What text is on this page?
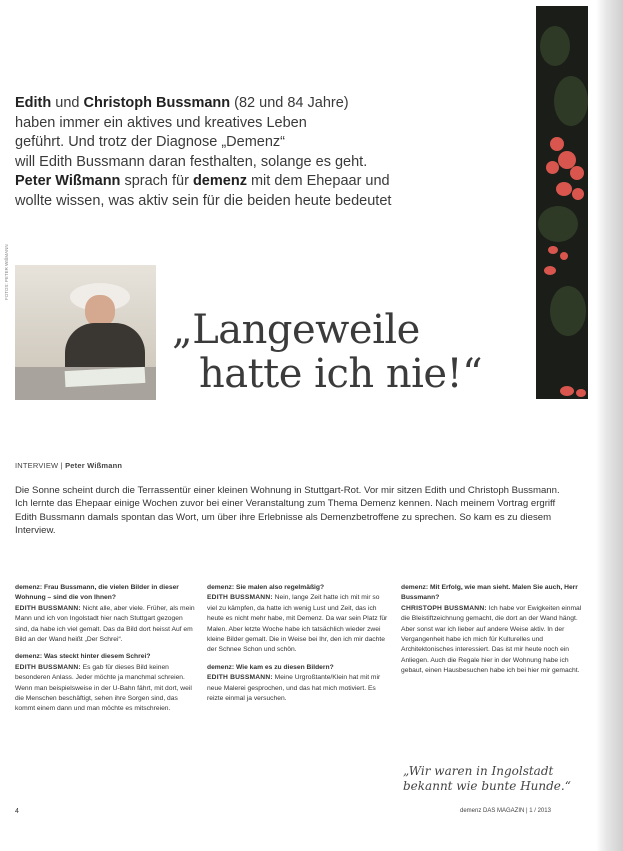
Edith und Christoph Bussmann (82 und 84 Jahre)

haben immer ein aktives und kreatives Leben

geführt. Und trotz der Diagnose „Demenz“

will Edith Bussmann daran festhalten, solange es geht.

Peter Wißmann sprach für demenz mit dem Ehepaar und

wollte wissen, was aktiv sein für die beiden heute bedeutet

FOTOS: PETER WIßMANN
„Langeweile
hatte ich nie!“
INTERVIEW | Peter Wißmann
Die Sonne scheint durch die Terrassentür einer kleinen Wohnung in Stuttgart-Rot. Vor mir sitzen Edith und Christoph Bussmann. Ich lernte das Ehepaar einige Wochen zuvor bei einer Veranstaltung zum Thema Demenz kennen. Nach meinem Vortrag ergriff Edith Bussmann damals spontan das Wort, um über ihre Erlebnisse als Demenzbetroffene zu sprechen. So kam es zu diesem Interview.

demenz: Frau Bussmann, die vielen Bilder in dieser Wohnung – sind die von Ihnen?
EDITH BUSSMANN: Nicht alle, aber viele. Früher, als mein Mann und ich von Ingolstadt hier nach Stuttgart gezogen sind, da habe ich viel gemalt. Das da Bild dort heisst Auf em Bild an der Wand heißt „Der Schrei“.

demenz: Was steckt hinter diesem Schrei?
EDITH BUSSMANN: Es gab für dieses Bild keinen besonderen Anlass. Jeder möchte ja manchmal schreien. Wenn man beispielsweise in der U-Bahn fährt, mit dort, weil die Menschen beschäftigt, sehen ihre Sorgen sind, das kommt einem dann und man möchte es mitschreien.

demenz: Sie malen also regelmäßig?
EDITH BUSSMANN: Nein, lange Zeit hatte ich mit mir so viel zu kämpfen, da hatte ich wenig Lust und Zeit, das ich heute es nicht mehr habe, mit Demenz. Da war sein Platz für Malen. Aber letzte Woche habe ich tatsächlich wieder zwei kleine Bilder gemalt. Die in Weise bei Ihr, den ich mir dachte der Schnee Schon und schön.

demenz: Wie kam es zu diesen Bildern?
EDITH BUSSMANN: Meine Urgroßtante/Klein hat mit mir neue Malerei gesprochen, und das hat mich motiviert. Es reizte einmal ja versuchen.

demenz: Mit Erfolg, wie man sieht. Malen Sie auch, Herr Bussmann?
CHRISTOPH BUSSMANN: Ich habe vor Ewigkeiten einmal die Bleistiftzeichnung gemacht, die dort an der Wand hängt. Aber sonst war ich lieber auf andere Weise aktiv. In der Vergangenheit habe ich mich für Kulturelles und Architektonisches interessiert. Das ist mir heute noch ein Anliegen. Auch die Regale hier in der Wohnung habe ich gebaut, einen Hausbesuchen habe ich bei hier mir gemacht.

„Wir waren in Ingolstadt bekannt wie bunte Hunde.“
4	demenz DAS MAGAZIN | 1 / 2013
